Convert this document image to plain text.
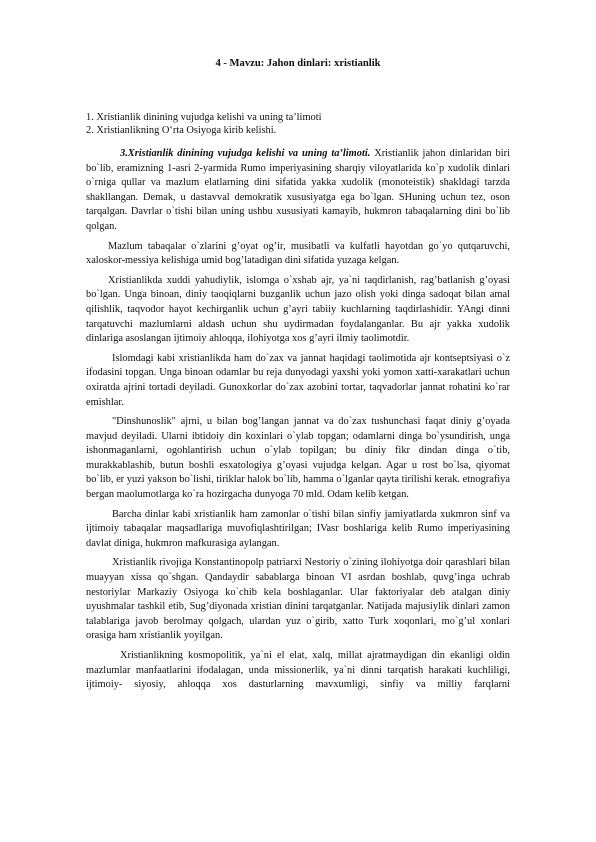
4 - Mavzu: Jahon dinlari: xristianlik
1. Xristianlik dinining vujudga kelishi va uning ta’limoti
2. Xristianlikning O‘rta Osiyoga kirib kelishi.

3.Xristianlik dinining vujudga kelishi va uning ta’limoti. Xristianlik jahon dinlaridan biri bo`lib, eramizning 1-asri 2-yarmida Rumo imperiyasining sharqiy viloyatlarida ko`p xudolik dinlari o`rniga qullar va mazlum elatlarning dini sifatida yakka xudolik (monoteistik) shakldagi tarzda shakllangan. Demak, u dastavval demokratik xususiyatga ega bo`lgan. SHuning uchun tez, oson tarqalgan. Davrlar o`tishi bilan uning ushbu xususiyati kamayib, hukmron tabaqalarning dini bo`lib qolgan.

Mazlum tabaqalar o`zlarini g’oyat og’ir, musibatli va kulfatli hayotdan go`yo qutqaruvchi, xaloskor-messiya kelishiga umid bog’latadigan dini sifatida yuzaga kelgan.

Xristianlikda xuddi yahudiylik, islomga o`xshab ajr, ya`ni taqdirlanish, rag’batlanish g’oyasi bo`lgan. Unga binoan, diniy taoqiqlarni buzganlik uchun jazo olish yoki dinga sadoqat bilan amal qilishlik, taqvodor hayot kechirganlik uchun g’ayri tabiiy kuchlarning taqdirlashidir. YAngi dinni tarqatuvchi mazlumlarni aldash uchun shu uydirmadan foydalanganlar. Bu ajr yakka xudolik dinlariga asoslangan ijtimoiy ahloqqa, ilohiyotga xos g’ayri ilmiy taolimotdir.

Islomdagi kabi xristianlikda ham do`zax va jannat haqidagi taolimotida ajr kontseptsiyasi o`z ifodasini topgan. Unga binoan odamlar bu reja dunyodagi yaxshi yoki yomon xatti-xarakatlari uchun oxiratda ajrini tortadi deyiladi. Gunoxkorlar do`zax azobini tortar, taqvadorlar jannat rohatini ko`rar emishlar.

"Dinshunoslik" ajrni, u bilan bog’langan jannat va do`zax tushunchasi faqat diniy g’oyada mavjud deyiladi. Ularni ibtidoiy din koxinlari o`ylab topgan; odamlarni dinga bo`ysundirish, unga ishonmaganlarni, ogohlantirish uchun o`ylab topilgan; bu diniy fikr dindan dinga o`tib, murakkablashib, butun boshli esxatologiya g’oyasi vujudga kelgan. Agar u rost bo`lsa, qiyomat bo`lib, er yuzi yakson bo`lishi, tiriklar halok bo`lib, hamma o`lganlar qayta tirilishi kerak. etnografiya bergan maolumotlarga ko`ra hozirgacha dunyoga 70 mld. Odam kelib ketgan.

Barcha dinlar kabi xristianlik ham zamonlar o`tishi bilan sinfiy jamiyatlarda xukmron sinf va ijtimoiy tabaqalar maqsadlariga muvofiqlashtirilgan; IVasr boshlariga kelib Rumo imperiyasining davlat diniga, hukmron mafkurasiga aylangan.

Xristianlik rivojiga Konstantinopolp patriarxi Nestoriy o`zining ilohiyotga doir qarashlari bilan muayyan xissa qo`shgan. Qandaydir sabablarga binoan VI asrdan boshlab, quvg’inga uchrab nestoriylar Markaziy Osiyoga ko`chib kela boshlaganlar. Ular faktoriyalar deb atalgan diniy uyushmalar tashkil etib, Sug’diyonada xristian dinini tarqatganlar. Natijada majusiylik dinlari zamon talablariga javob berolmay qolgach, ulardan yuz o`girib, xatto Turk xoqonlari, mo`g’ul xonlari orasiga ham xristianlik yoyilgan.

Xristianlikning kosmopolitik, ya`ni el elat, xalq, millat ajratmaydigan din ekanligi oldin mazlumlar manfaatlarini ifodalagan, unda missionerlik, ya`ni dinni tarqatish harakati kuchliligi, ijtimoiy- siyosiy, ahloqqa xos dasturlarning mavxumligi, sinfiy va milliy farqlarni
